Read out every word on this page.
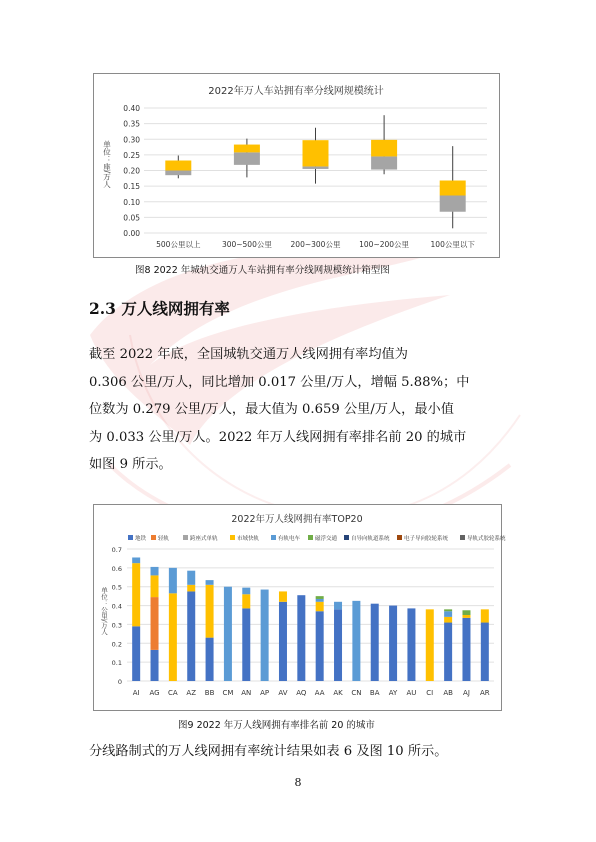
2022年万人车站拥有率分线网规模统计
0.00
0.05
0.10
0.15
0.20
0.25
0.30
0.35
0.40
单位：座/万人
500公里以上	300~500公里 200~300公里 100~200公里	100公里以下
图8 2022 年城轨交通万人车站拥有率分线网规模统计箱型图
2.3 万人线网拥有率
截至 2022 年底，全国城轨交通万人线网拥有率均值为
0.306 公里/万人，同比增加 0.017 公里/万人，增幅 5.88%；中
位数为 0.279 公里/万人，最大值为 0.659 公里/万人，最小值
为 0.033 公里/万人。2022 年万人线网拥有率排名前 20 的城市
如图 9 所示。
2022年万人线网拥有率TOP20
地铁 轻轨	跨座式单轨	市域快轨	有轨电车	磁浮交通	自导向轨道系统	电子导向胶轮系统	导轨式胶轮系统
0
0.1
0.2
0.3
0.4
0.5
0.6
0.7
单位：公里/万人
AI AG CA AZ BB CM AN AP AV AQ AA AK CN BA AY AU CI AB AJ AR
图9 2022 年万人线网拥有率排名前 20 的城市
分线路制式的万人线网拥有率统计结果如表 6 及图 10 所示。
8
